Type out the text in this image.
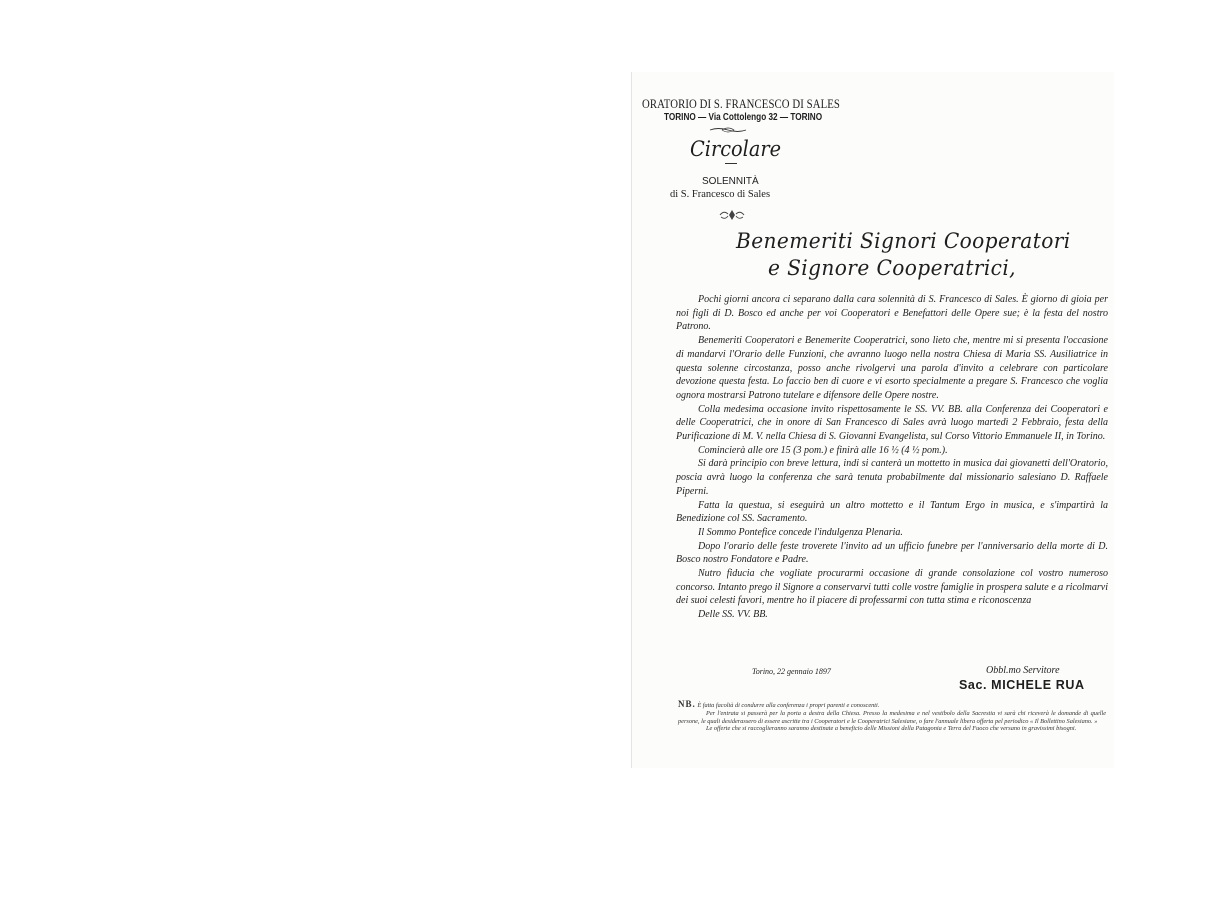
ORATORIO DI S. FRANCESCO DI SALES
TORINO — Via Cottolengo 32 — TORINO
Circolare
SOLENNITÀ
di S. Francesco di Sales
Benemeriti Signori Cooperatori
e Signore Cooperatrici,

Pochi giorni ancora ci separano dalla cara solennità di S. Francesco di Sales. È giorno di gioia per noi figli di D. Bosco ed anche per voi Cooperatori e Benefattori delle Opere sue; è la festa del nostro Patrono.

Benemeriti Cooperatori e Benemerite Cooperatrici, sono lieto che, mentre mi si presenta l'occasione di mandarvi l'Orario delle Funzioni, che avranno luogo nella nostra Chiesa di Maria SS. Ausiliatrice in questa solenne circostanza, posso anche rivolgervi una parola d'invito a celebrare con particolare devozione questa festa. Lo faccio ben di cuore e vi esorto specialmente a pregare S. Francesco che voglia ognora mostrarsi Patrono tutelare e difensore delle Opere nostre.

Colla medesima occasione invito rispettosamente le SS. VV. BB. alla Conferenza dei Cooperatori e delle Cooperatrici, che in onore di San Francesco di Sales avrà luogo martedì 2 Febbraio, festa della Purificazione di M. V. nella Chiesa di S. Giovanni Evangelista, sul Corso Vittorio Emmanuele II, in Torino.

Comincierà alle ore 15 (3 pom.) e finirà alle 16 ½ (4 ½ pom.).

Si darà principio con breve lettura, indi si canterà un mottetto in musica dai giovanetti dell'Oratorio, poscia avrà luogo la conferenza che sarà tenuta probabilmente dal missionario salesiano D. Raffaele Piperni.

Fatta la questua, si eseguirà un altro mottetto e il Tantum Ergo in musica, e s'impartirà la Benedizione col SS. Sacramento.

Il Sommo Pontefice concede l'indulgenza Plenaria.

Dopo l'orario delle feste troverete l'invito ad un ufficio funebre per l'anniversario della morte di D. Bosco nostro Fondatore e Padre.

Nutro fiducia che vogliate procurarmi occasione di grande consolazione col vostro numeroso concorso. Intanto prego il Signore a conservarvi tutti colle vostre famiglie in prospera salute e a ricolmarvi dei suoi celesti favori, mentre ho il piacere di professarmi con tutta stima e riconoscenza

Delle SS. VV. BB.

Torino, 22 gennaio 1897	Obbl.mo Servitore
Sac. MICHELE RUA

NB. È fatta facoltà di condurre alla conferenza i propri parenti e conoscenti.

Per l'entrata si passerà per la porta a destra della Chiesa. Presso la medesima e nel vestibolo della Sacrestia vi sarà chi riceverà le domande di quelle persone, le quali desiderassero di essere ascritte tra i Cooperatori e le Cooperatrici Salesiane, o fare l'annuale libera offerta pel periodico « Il Bollettino Salesiano. »

Le offerte che si raccoglieranno saranno destinate a beneficio delle Missioni della Patagonia e Terra del Fuoco che versano in gravissimi bisogni.
